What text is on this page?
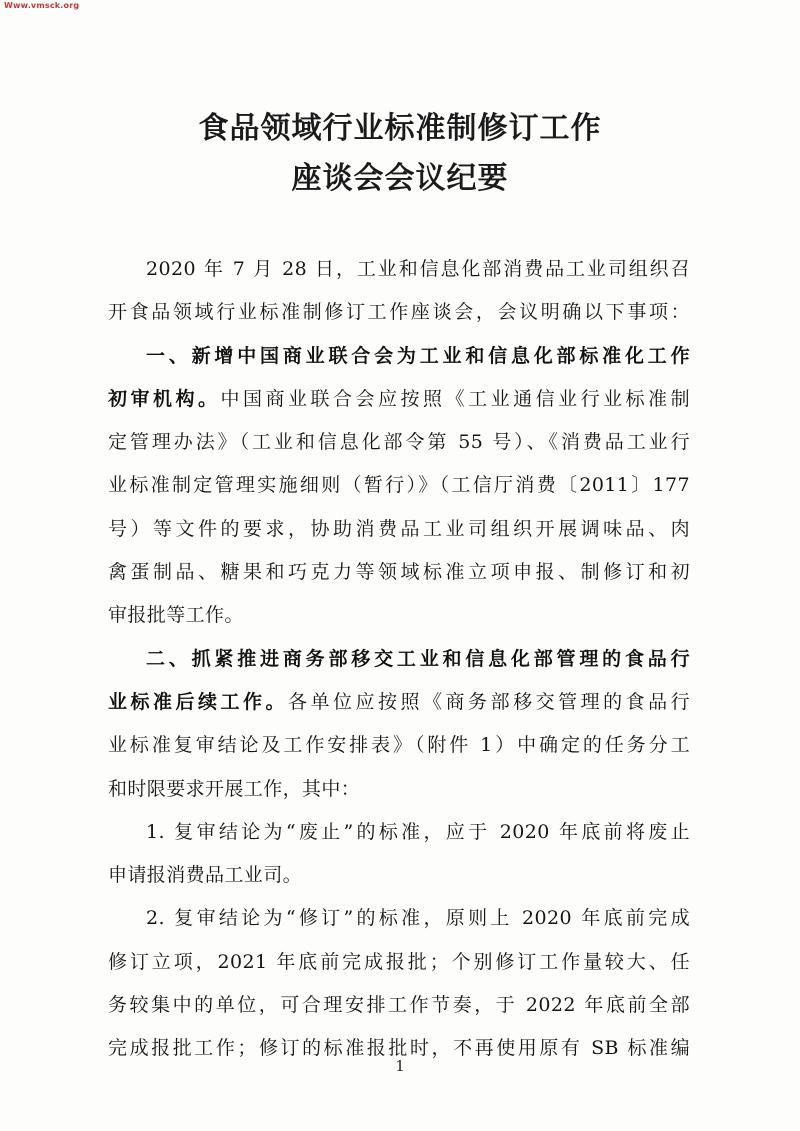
Www.vmsck.org
食品领域行业标准制修订工作
座谈会会议纪要
2020 年 7 月 28 日，工业和信息化部消费品工业司组织召
开食品领域行业标准制修订工作座谈会，会议明确以下事项：
一、新增中国商业联合会为工业和信息化部标准化工作
初审机构。中国商业联合会应按照《工业通信业行业标准制
定管理办法》（工业和信息化部令第 55 号）、《消费品工业行
业标准制定管理实施细则（暂行）》（工信厅消费〔2011〕177
号）等文件的要求，协助消费品工业司组织开展调味品、肉
禽蛋制品、糖果和巧克力等领域标准立项申报、制修订和初
审报批等工作。
二、抓紧推进商务部移交工业和信息化部管理的食品行
业标准后续工作。各单位应按照《商务部移交管理的食品行
业标准复审结论及工作安排表》（附件 1）中确定的任务分工
和时限要求开展工作，其中：
1. 复审结论为“废止”的标准，应于 2020 年底前将废止
申请报消费品工业司。
2. 复审结论为“修订”的标准，原则上 2020 年底前完成
修订立项，2021 年底前完成报批；个别修订工作量较大、任
务较集中的单位，可合理安排工作节奏，于 2022 年底前全部
完成报批工作；修订的标准报批时，不再使用原有 SB 标准编
1
